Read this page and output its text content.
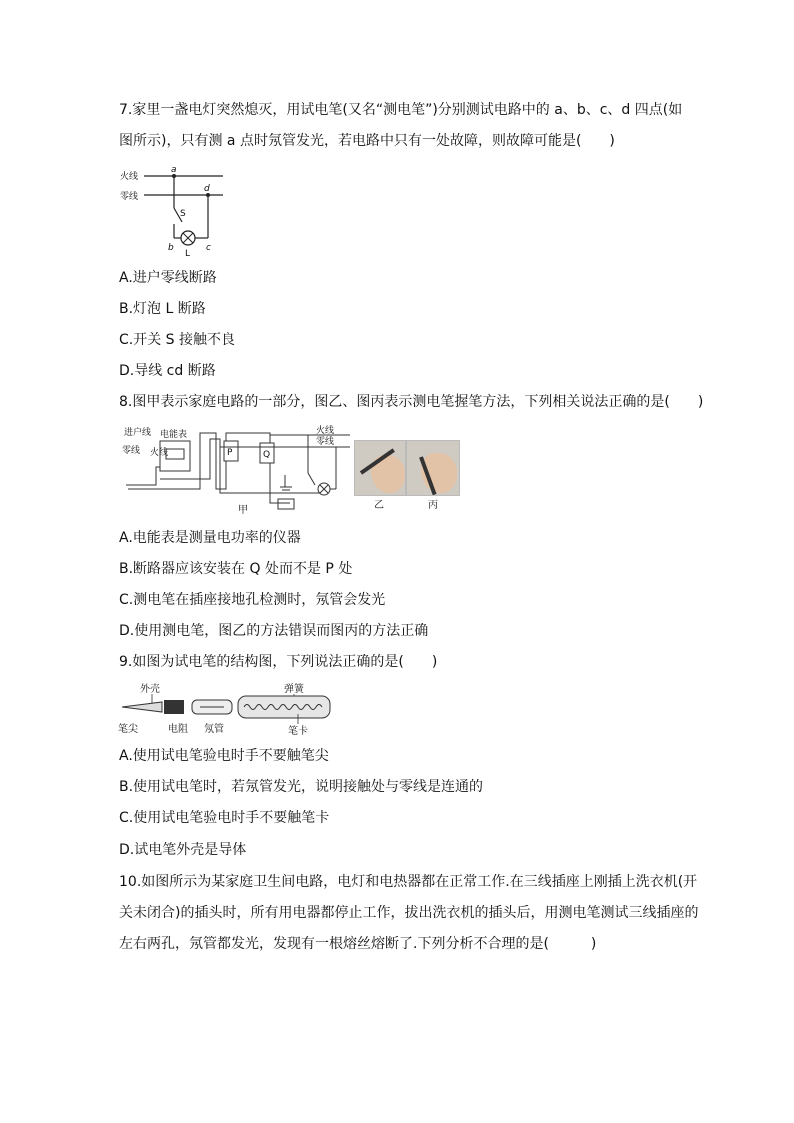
7.家里一盏电灯突然熄灭，用试电笔(又名“测电笔”)分别测试电路中的 a、b、c、d 四点(如
图所示)，只有测 a 点时氖管发光，若电路中只有一处故障，则故障可能是(　　)
火线
零线
a
d
S
b	c
L
A.进户零线断路
B.灯泡 L 断路
C.开关 S 接触不良
D.导线 cd 断路
8.图甲表示家庭电路的一部分，图乙、图丙表示测电笔握笔方法，下列相关说法正确的是(　　)
进户线
零线
电能表
火线	P	Q
火线
零线
甲	乙	丙
A.电能表是测量电功率的仪器
B.断路器应该安装在 Q 处而不是 P 处
C.测电笔在插座接地孔检测时，氖管会发光
D.使用测电笔，图乙的方法错误而图丙的方法正确
9.如图为试电笔的结构图，下列说法正确的是(　　)
外壳	弹簧
笔尖	电阻 氖管	笔卡
A.使用试电笔验电时手不要触笔尖
B.使用试电笔时，若氖管发光，说明接触处与零线是连通的
C.使用试电笔验电时手不要触笔卡
D.试电笔外壳是导体
10.如图所示为某家庭卫生间电路，电灯和电热器都在正常工作.在三线插座上刚插上洗衣机(开
关未闭合)的插头时，所有用电器都停止工作，拔出洗衣机的插头后，用测电笔测试三线插座的
左右两孔，氖管都发光，发现有一根熔丝熔断了.下列分析不合理的是(　　　)
